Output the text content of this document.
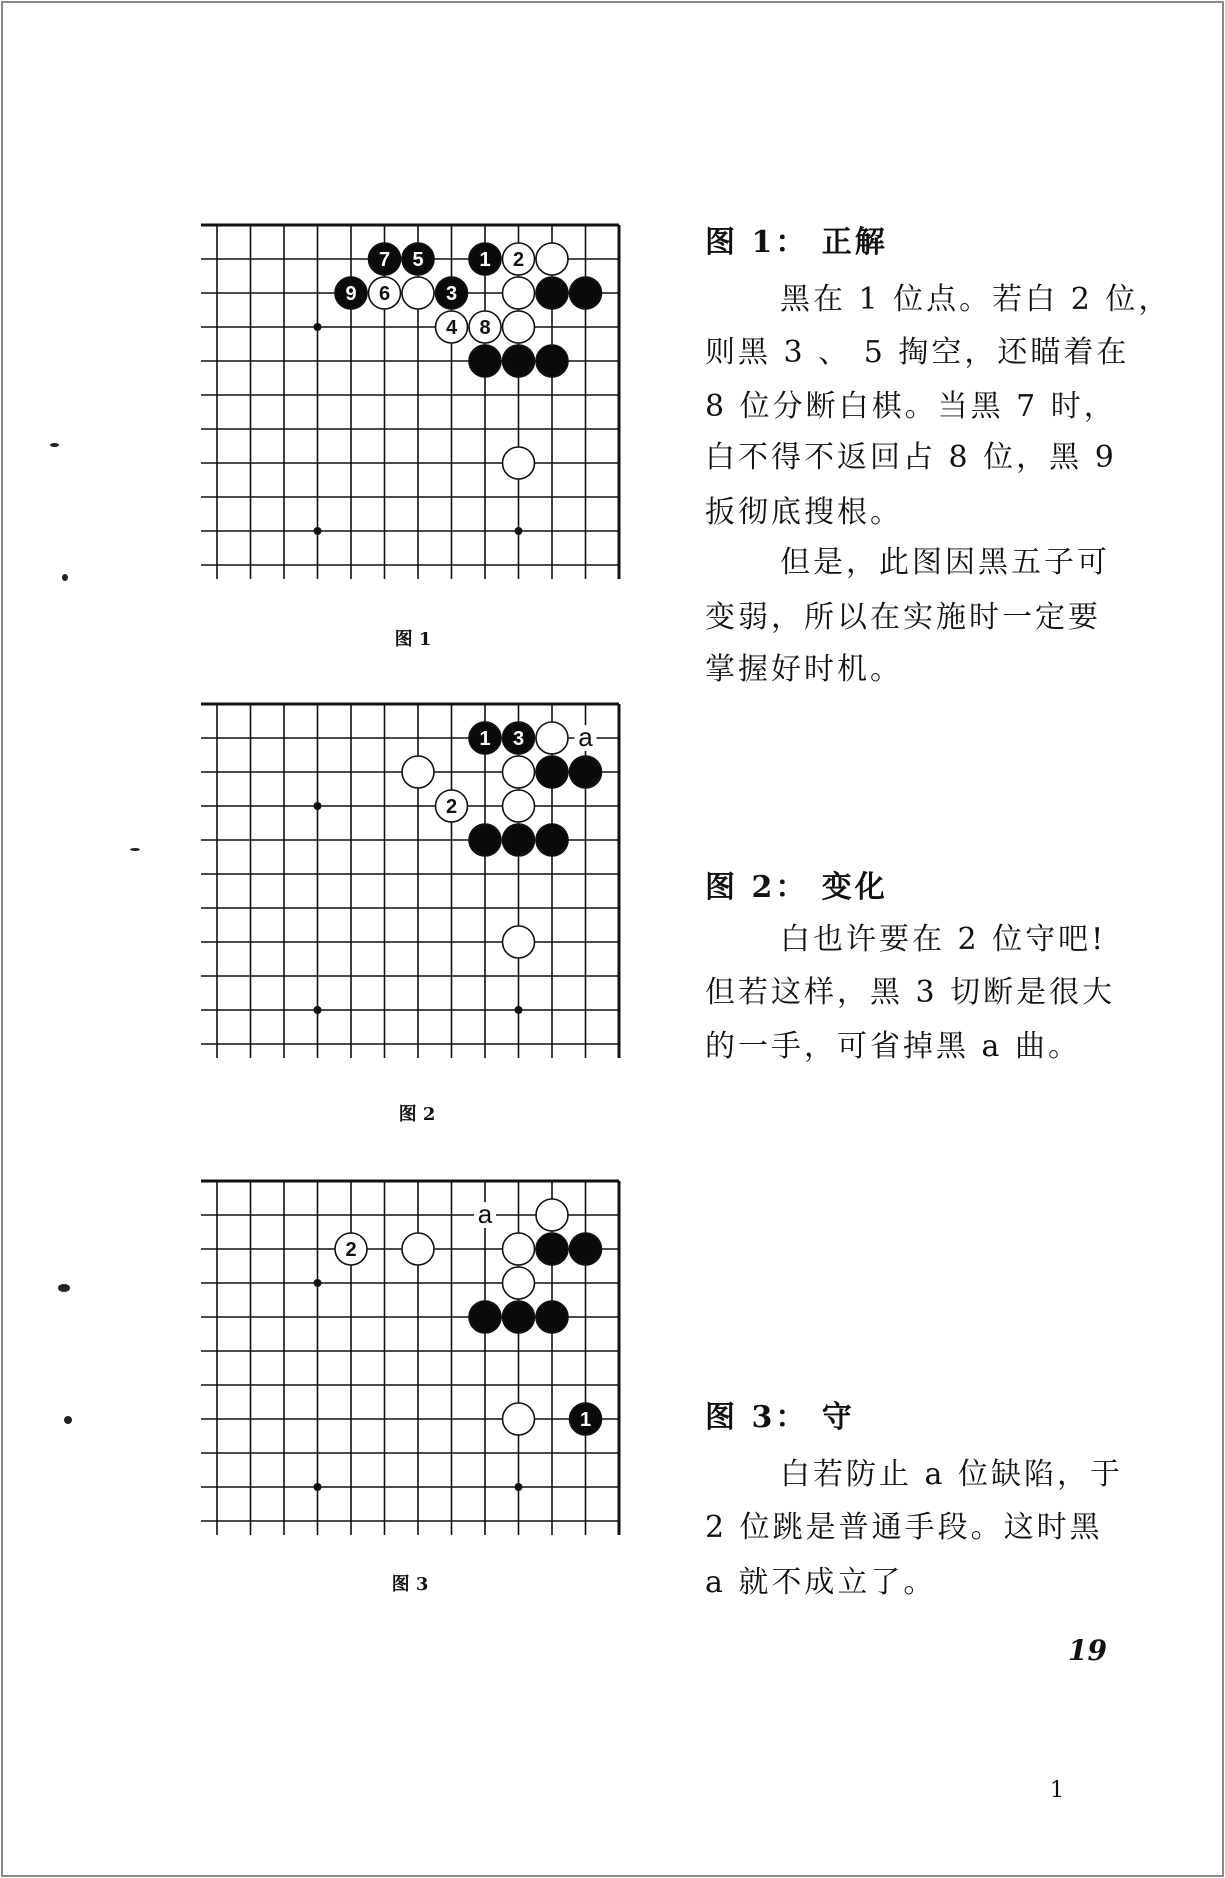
7 5	1 2
9 6	3
4 8
1 3
2
a
2
1
a
图 1
图 2
图 3
图 1： 正解
黑在 1 位点。若白 2 位，
则黑 3 、 5 掏空，还瞄着在
8 位分断白棋。当黑 7 时，
白不得不返回占 8 位，黑 9
扳彻底搜根。
但是，此图因黑五子可
变弱，所以在实施时一定要
掌握好时机。
图 2： 变化
白也许要在 2 位守吧!
但若这样，黑 3 切断是很大
的一手，可省掉黑 a 曲。
图 3： 守
白若防止 a 位缺陷，于
2 位跳是普通手段。这时黑
a 就不成立了。
19
1
